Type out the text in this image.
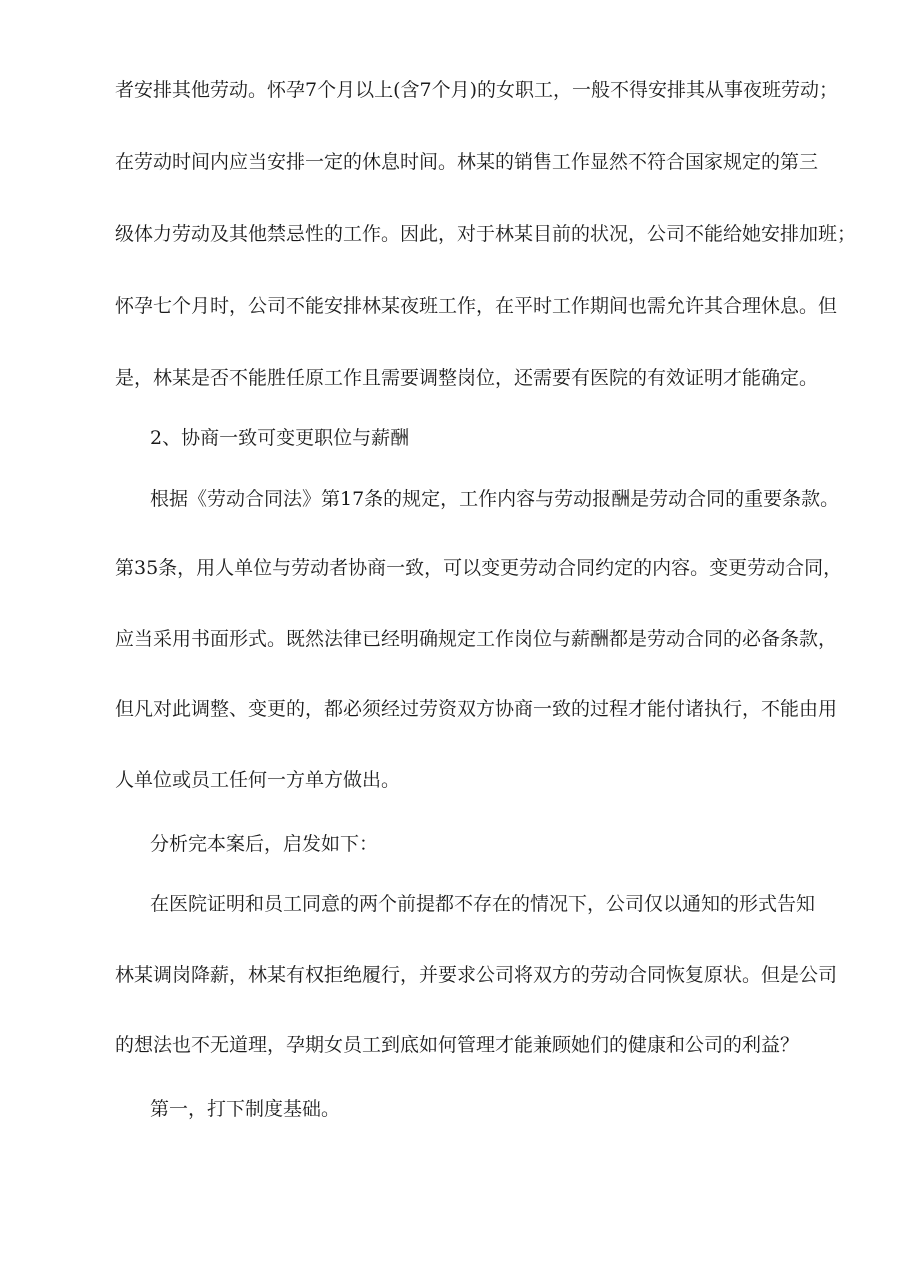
者安排其他劳动。怀孕7个月以上(含7个月)的女职工，一般不得安排其从事夜班劳动；
在劳动时间内应当安排一定的休息时间。林某的销售工作显然不符合国家规定的第三
级体力劳动及其他禁忌性的工作。因此，对于林某目前的状况，公司不能给她安排加班；
怀孕七个月时，公司不能安排林某夜班工作，在平时工作期间也需允许其合理休息。但
是，林某是否不能胜任原工作且需要调整岗位，还需要有医院的有效证明才能确定。
2、协商一致可变更职位与薪酬
根据《劳动合同法》第17条的规定，工作内容与劳动报酬是劳动合同的重要条款。
第35条，用人单位与劳动者协商一致，可以变更劳动合同约定的内容。变更劳动合同，
应当采用书面形式。既然法律已经明确规定工作岗位与薪酬都是劳动合同的必备条款，
但凡对此调整、变更的，都必须经过劳资双方协商一致的过程才能付诸执行，不能由用
人单位或员工任何一方单方做出。
分析完本案后，启发如下：
在医院证明和员工同意的两个前提都不存在的情况下，公司仅以通知的形式告知
林某调岗降薪，林某有权拒绝履行，并要求公司将双方的劳动合同恢复原状。但是公司
的想法也不无道理，孕期女员工到底如何管理才能兼顾她们的健康和公司的利益？
第一，打下制度基础。
